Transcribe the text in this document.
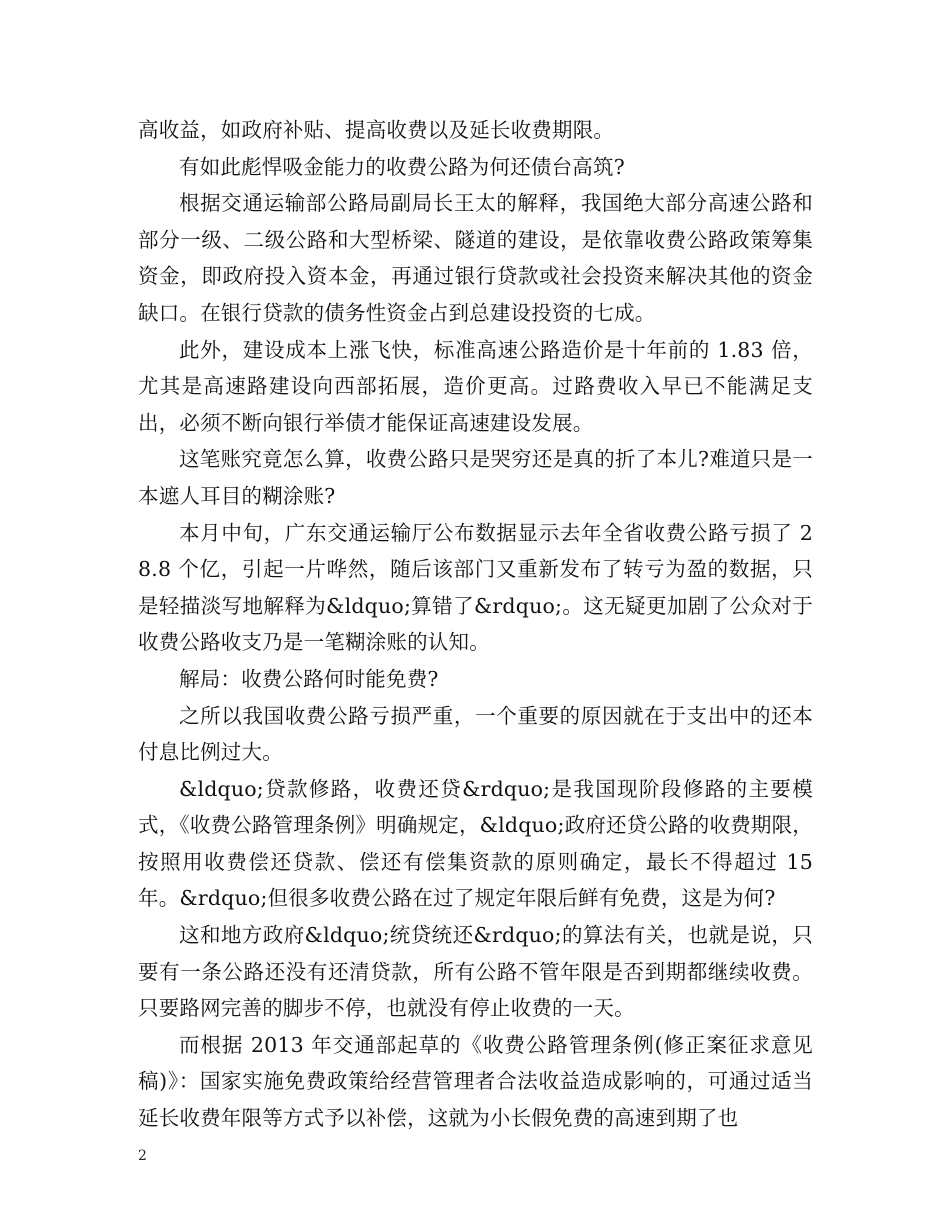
高收益，如政府补贴、提高收费以及延长收费期限。

有如此彪悍吸金能力的收费公路为何还债台高筑?

根据交通运输部公路局副局长王太的解释，我国绝大部分高速公路和部分一级、二级公路和大型桥梁、隧道的建设，是依靠收费公路政策筹集资金，即政府投入资本金，再通过银行贷款或社会投资来解决其他的资金缺口。在银行贷款的债务性资金占到总建设投资的七成。

此外，建设成本上涨飞快，标准高速公路造价是十年前的 1.83 倍，尤其是高速路建设向西部拓展，造价更高。过路费收入早已不能满足支出，必须不断向银行举债才能保证高速建设发展。

这笔账究竟怎么算，收费公路只是哭穷还是真的折了本儿?难道只是一本遮人耳目的糊涂账?

本月中旬，广东交通运输厅公布数据显示去年全省收费公路亏损了 28.8 个亿，引起一片哗然，随后该部门又重新发布了转亏为盈的数据，只是轻描淡写地解释为&ldquo;算错了&rdquo;。这无疑更加剧了公众对于收费公路收支乃是一笔糊涂账的认知。

解局：收费公路何时能免费?

之所以我国收费公路亏损严重，一个重要的原因就在于支出中的还本付息比例过大。

&ldquo;贷款修路，收费还贷&rdquo;是我国现阶段修路的主要模式，《收费公路管理条例》明确规定，&ldquo;政府还贷公路的收费期限，按照用收费偿还贷款、偿还有偿集资款的原则确定，最长不得超过 15 年。&rdquo;但很多收费公路在过了规定年限后鲜有免费，这是为何?

这和地方政府&ldquo;统贷统还&rdquo;的算法有关，也就是说，只要有一条公路还没有还清贷款，所有公路不管年限是否到期都继续收费。只要路网完善的脚步不停，也就没有停止收费的一天。

而根据 2013 年交通部起草的《收费公路管理条例(修正案征求意见稿)》：国家实施免费政策给经营管理者合法收益造成影响的，可通过适当延长收费年限等方式予以补偿，这就为小长假免费的高速到期了也

2
